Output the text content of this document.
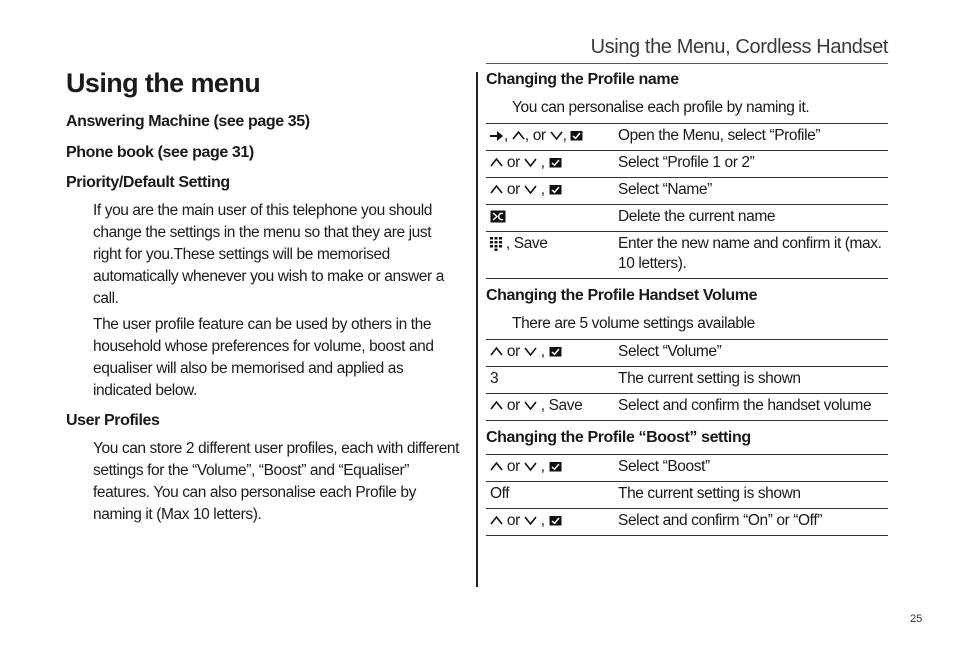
Using the Menu, Cordless Handset
Using the menu
Answering Machine (see page 35)
Phone book (see page 31)
Priority/Default Setting

If you are the main user of this telephone you should change the settings in the menu so that they are just right for you.These settings will be memorised automatically whenever you wish to make or answer a call.

The user profile feature can be used by others in the household whose preferences for volume, boost and equaliser will also be memorised and applied as indicated below.

User Profiles

You can store 2 different user profiles, each with different settings for the “Volume”, “Boost” and “Equaliser” features. You can also personalise each Profile by naming it (Max 10 letters).

Changing the Profile name
You can personalise each profile by naming it.
, , or ,	Open the Menu, select “Profile”
or ,	Select “Profile 1 or 2”
or ,	Select “Name”
	Delete the current name
, Save	Enter the new name and confirm it (max. 10 letters).
Changing the Profile Handset Volume
There are 5 volume settings available
or ,	Select “Volume”
3	The current setting is shown
or , Save	Select and confirm the handset volume
Changing the Profile “Boost” setting
or ,	Select “Boost”
Off	The current setting is shown
or ,	Select and confirm “On” or “Off”
25
